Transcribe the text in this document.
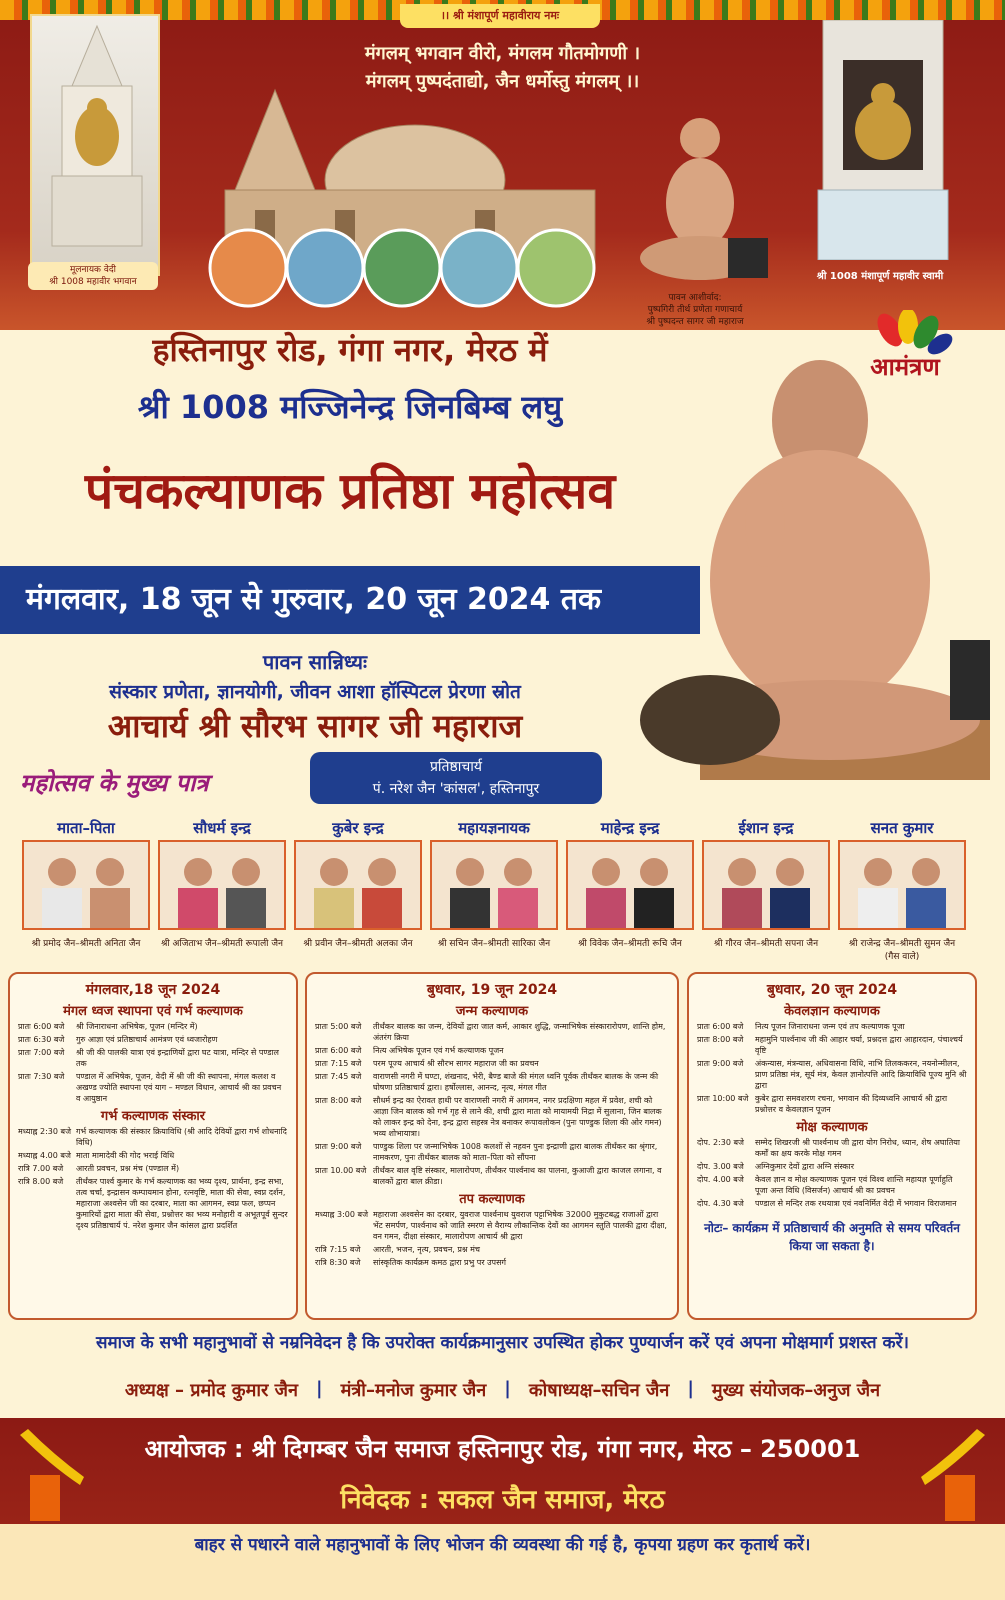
।। श्री मंशापूर्ण महावीराय नमः
मंगलम् भगवान वीरो, मंगलम गौतमोगणी ।
मंगलम् पुष्पदंताद्यो, जैन धर्मोस्तु मंगलम् ।।
मूलनायक वेदी
श्री 1008 महावीर भगवान
पावन आशीर्वाद:
पुष्पगिरी तीर्थ प्रणेता गणाचार्य
श्री पुष्पदन्त सागर जी महाराज
श्री 1008 मंशापूर्ण महावीर स्वामी
आमंत्रण
हस्तिनापुर रोड, गंगा नगर, मेरठ में
श्री 1008 मज्जिनेन्द्र जिनबिम्ब लघु
पंचकल्याणक प्रतिष्ठा महोत्सव
मंगलवार, 18 जून से गुरुवार, 20 जून 2024 तक
पावन सान्निध्यः
संस्कार प्रणेता, ज्ञानयोगी, जीवन आशा हॉस्पिटल प्रेरणा स्रोत
आचार्य श्री सौरभ सागर जी महाराज
महोत्सव के मुख्य पात्र
प्रतिष्ठाचार्य
पं. नरेश जैन 'कांसल', हस्तिनापुर
माता–पिता
श्री प्रमोद जैन–श्रीमती अनिता जैन
सौधर्म इन्द्र
श्री अजिताभ जैन–श्रीमती रूपाली जैन
कुबेर इन्द्र
श्री प्रवीन जैन–श्रीमती अलका जैन
महायज्ञनायक
श्री सचिन जैन–श्रीमती सारिका जैन
माहेन्द्र इन्द्र
श्री विवेक जैन–श्रीमती रूचि जैन
ईशान इन्द्र
श्री गौरव जैन–श्रीमती सपना जैन
सनत कुमार
श्री राजेन्द्र जैन–श्रीमती सुमन जैन
(गैस वाले)
मंगलवार,18 जून 2024
मंगल ध्वज स्थापना एवं गर्भ कल्याणक
प्रातः 6:00 बजे	श्री जिनाराधना अभिषेक, पूजन (मन्दिर में)
प्रातः 6:30 बजे	गुरु आज्ञा एवं प्रतिष्ठाचार्य आमंत्रण एवं ध्वजारोहण
प्रातः 7:00 बजे	श्री जी की पालकी यात्रा एवं इन्द्राणियों द्वारा घट यात्रा, मन्दिर से पण्डाल तक
प्रातः 7:30 बजे	पण्डाल में अभिषेक, पूजन, वेदी में श्री जी की स्थापना, मंगल कलश व अखण्ड ज्योति स्थापना एवं याग – मण्डल विधान, आचार्य श्री का प्रवचन व आयुष्ठान
गर्भ कल्याणक संस्कार
मध्याह्न 2:30 बजे गर्भ कल्याणक की संस्कार क्रियाविधि (श्री आदि देवियों द्वारा गर्भ शोधनादि विधि)
मध्याह्न 4.00 बजे माता मामादेवी की गोद भराई विधि
रात्रि 7.00 बजे	आरती प्रवचन, प्रश्न मंच (पण्डाल में)
रात्रि 8.00 बजे	तीर्थंकर पार्श्व कुमार के गर्भ कल्याणक का भव्य दृश्य, प्रार्थना, इन्द्र सभा, तत्व चर्चा, इन्द्रासन कम्पायमान होना, रत्नवृष्टि, माता की सेवा, स्वप्न दर्शन, महाराजा अश्वसेन जी का दरबार, माता का आगमन, स्वप्न फल, छप्पन कुमारियों द्वारा माता की सेवा, प्रश्नोत्तर का भव्य मनोहारी व अभूतपूर्व सुन्दर दृश्य प्रतिष्ठाचार्य पं. नरेश कुमार जैन कांसल द्वारा प्रदर्शित
बुधवार, 19 जून 2024
जन्म कल्याणक
प्रातः 5:00 बजे	तीर्थंकर बालक का जन्म, देवियों द्वारा जात कर्म, आकार शुद्धि, जन्माभिषेक संस्कारारोपण, शान्ति होम, अंतरंग क्रिया
प्रातः 6:00 बजे	नित्य अभिषेक पूजन एवं गर्भ कल्याणक पूजन
प्रातः 7:15 बजे	परम पूज्य आचार्य श्री सौरभ सागर महाराज जी का प्रवचन
प्रातः 7:45 बजे	वाराणसी नगरी में घण्टा, शंखनाद, भेरी, बैण्ड बाजे की मंगल ध्वनि पूर्वक तीर्थंकर बालक के जन्म की घोषणा प्रतिष्ठाचार्य द्वारा। हर्षोल्लास, आनन्द, नृत्य, मंगल गीत
प्रातः 8:00 बजे	सौधर्म इन्द्र का ऐरावत हाथी पर वाराणसी नगरी में आगमन, नगर प्रदक्षिणा महल में प्रवेश, शची को आज्ञा जिन बालक को गर्भ गृह से लाने की, शची द्वारा माता को मायामयी निद्रा में सुलाना, जिन बालक को लाकर इन्द्र को देना, इन्द्र द्वारा सहस्त्र नेत्र बनाकर रूपावलोकन (पुनः पाण्डुक शिला की ओर गमन) भव्य शोभायात्रा।
प्रातः 9:00 बजे	पाण्डुक शिला पर जन्माभिषेक 1008 कलशों से नहवन पुनः इन्द्राणी द्वारा बालक तीर्थंकर का श्रृंगार, नामकरण, पुनः तीर्थंकर बालक को माता–पिता को सौंपना
प्रातः 10.00 बजे तीर्थंकर बाल वृष्टि संस्कार, मालारोपण, तीर्थंकर पार्श्वनाथ का पालना, कुआजी द्वारा काजल लगाना, व बालकों द्वारा बाल क्रीडा।
तप कल्याणक
मध्याह्न 3:00 बजे महाराजा अश्वसेन का दरबार, युवराज पार्श्वनाथ युवराज पट्टाभिषेक 32000 मुकुटबद्ध राजाओं द्वारा भेंट समर्पण, पार्श्वनाथ को जाति स्मरण से वैराग्य लौकान्तिक देवों का आगमन स्तुति पालकी द्वारा दीक्षा, वन गमन, दीक्षा संस्कार, मालारोपण आचार्य श्री द्वारा
रात्रि 7:15 बजे	आरती, भजन, नृत्य, प्रवचन, प्रश्न मंच
रात्रि 8:30 बजे	सांस्कृतिक कार्यक्रम कमठ द्वारा प्रभु पर उपसर्ग
बुधवार, 20 जून 2024
केवलज्ञान कल्याणक
प्रातः 6:00 बजे	नित्य पूजन जिनाराधना जन्म एवं तप कल्याणक पूजा
प्रातः 8:00 बजे	महामुनि पार्श्वनाथ जी की आहार चर्या, प्रश्नदत्त द्वारा आहारदान, पंचाश्चर्य वृष्टि
प्रातः 9:00 बजे	अंकन्यास, मंत्रन्यास, अधिवासना विधि, नाभि तिलककरन, नयनोन्मीलन, प्राण प्रतिष्ठा मंत्र, सूर्य मंत्र, केवल ज्ञानोत्पत्ति आदि क्रियाविधि पूज्य मुनि श्री द्वारा
प्रातः 10:00 बजे कुबेर द्वारा समवशरण रचना, भगवान की दिव्यध्वनि आचार्य श्री द्वारा प्रश्नोत्तर व केवलज्ञान पूजन
मोक्ष कल्याणक
दोप. 2:30 बजे	सम्मेद शिखरजी श्री पार्श्वनाथ जी द्वारा योग निरोध, ध्यान, शेष अघातिया कर्मों का क्षय करके मोक्ष गमन
दोप. 3.00 बजे	अग्निकुमार देवों द्वारा अग्नि संस्कार
दोप. 4.00 बजे	केवल ज्ञान व मोक्ष कल्याणक पूजन एवं विश्व शान्ति महायज्ञ पूर्णाहुति पूजा अन्त विधि (विसर्जन) आचार्य श्री का प्रवचन
दोप. 4.30 बजे	पण्डाल से मन्दिर तक रथयात्रा एवं नवनिर्मित वेदी में भगवान विराजमान
नोटः– कार्यक्रम में प्रतिष्ठाचार्य की अनुमति से समय परिवर्तन किया जा सकता है।
समाज के सभी महानुभावों से नम्रनिवेदन है कि उपरोक्त कार्यक्रमानुसार उपस्थित होकर पुण्यार्जन करें एवं अपना मोक्षमार्ग प्रशस्त करें।
अध्यक्ष – प्रमोद कुमार जैन | मंत्री–मनोज कुमार जैन | कोषाध्यक्ष–सचिन जैन | मुख्य संयोजक–अनुज जैन
आयोजक : श्री दिगम्बर जैन समाज हस्तिनापुर रोड, गंगा नगर, मेरठ – 250001
निवेदक : सकल जैन समाज, मेरठ
बाहर से पधारने वाले महानुभावों के लिए भोजन की व्यवस्था की गई है, कृपया ग्रहण कर कृतार्थ करें।
